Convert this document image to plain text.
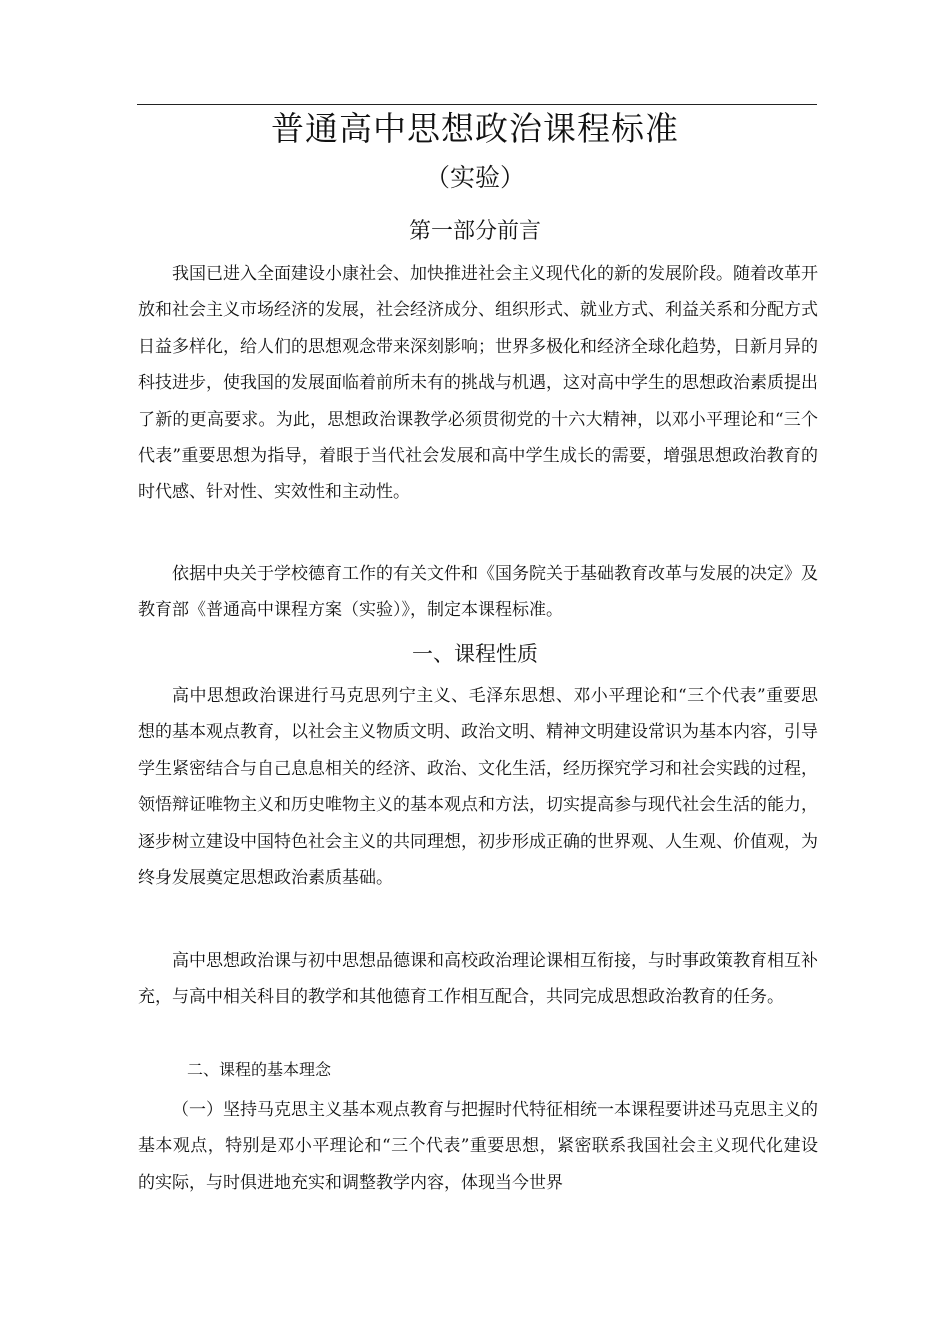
普通高中思想政治课程标准
（实验）
第一部分前言

我国已进入全面建设小康社会、加快推进社会主义现代化的新的发展阶段。随着改革开放和社会主义市场经济的发展，社会经济成分、组织形式、就业方式、利益关系和分配方式日益多样化，给人们的思想观念带来深刻影响；世界多极化和经济全球化趋势，日新月异的科技进步，使我国的发展面临着前所未有的挑战与机遇，这对高中学生的思想政治素质提出了新的更高要求。为此，思想政治课教学必须贯彻党的十六大精神，以邓小平理论和“三个代表”重要思想为指导，着眼于当代社会发展和高中学生成长的需要，增强思想政治教育的时代感、针对性、实效性和主动性。

依据中央关于学校德育工作的有关文件和《国务院关于基础教育改革与发展的决定》及教育部《普通高中课程方案（实验）》，制定本课程标准。

一、课程性质

高中思想政治课进行马克思列宁主义、毛泽东思想、邓小平理论和“三个代表”重要思想的基本观点教育，以社会主义物质文明、政治文明、精神文明建设常识为基本内容，引导学生紧密结合与自己息息相关的经济、政治、文化生活，经历探究学习和社会实践的过程，领悟辩证唯物主义和历史唯物主义的基本观点和方法，切实提高参与现代社会生活的能力，逐步树立建设中国特色社会主义的共同理想，初步形成正确的世界观、人生观、价值观，为终身发展奠定思想政治素质基础。

高中思想政治课与初中思想品德课和高校政治理论课相互衔接，与时事政策教育相互补充，与高中相关科目的教学和其他德育工作相互配合，共同完成思想政治教育的任务。

二、课程的基本理念

（一）坚持马克思主义基本观点教育与把握时代特征相统一本课程要讲述马克思主义的基本观点，特别是邓小平理论和“三个代表”重要思想，紧密联系我国社会主义现代化建设的实际，与时俱进地充实和调整教学内容，体现当今世界
